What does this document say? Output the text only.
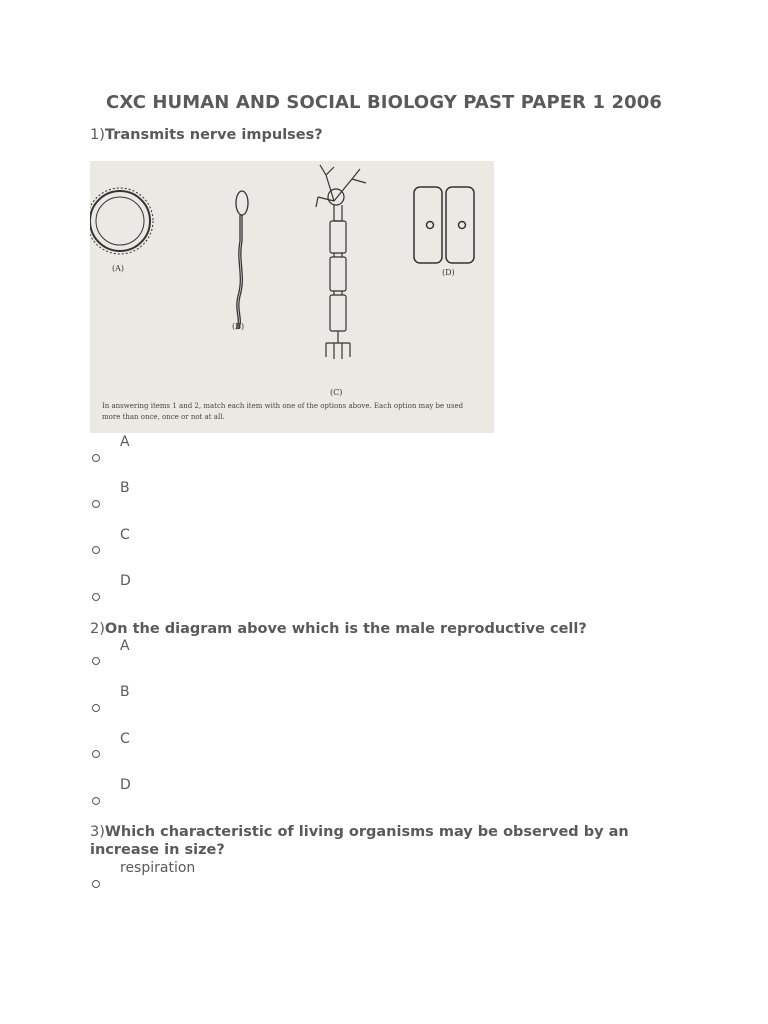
CXC HUMAN AND SOCIAL BIOLOGY PAST PAPER 1 2006
1)Transmits nerve impulses?
(A)
(B)
(C)
(D)
In answering items 1 and 2, match each item with one of the options above. Each option may be used more than once, once or not at all.
A
B
C
D
2)On the diagram above which is the male reproductive cell?
A
B
C
D
3)Which characteristic of living organisms may be observed by an increase in size?
respiration
